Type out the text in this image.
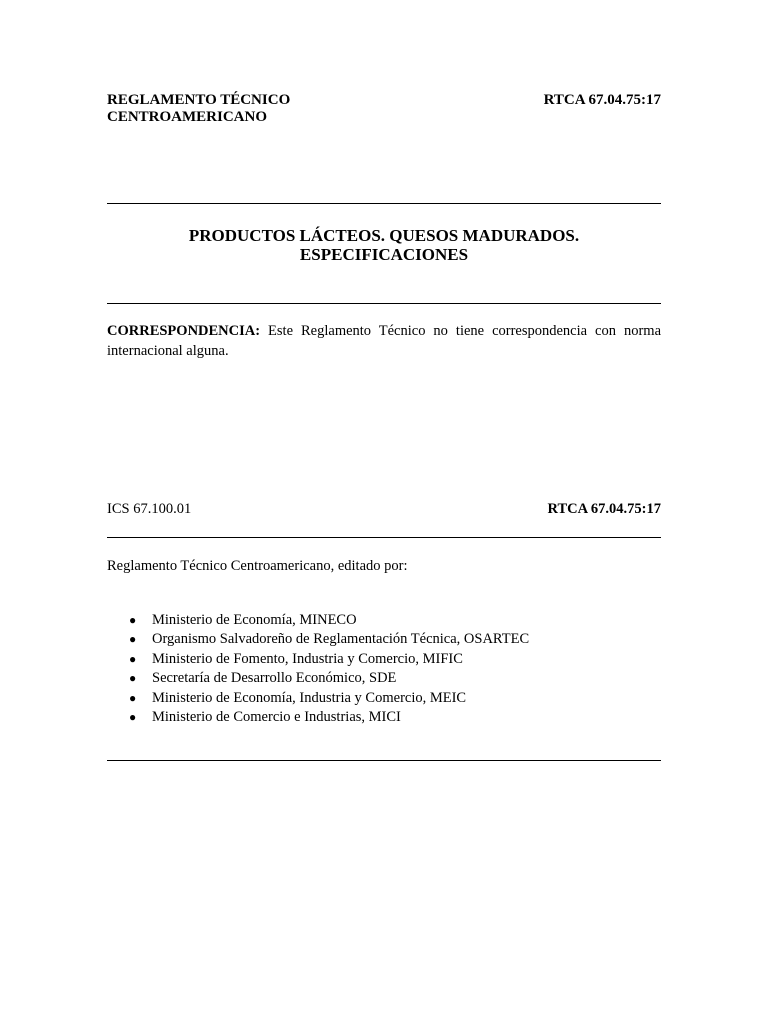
REGLAMENTO TÉCNICO
CENTROAMERICANO
RTCA 67.04.75:17
PRODUCTOS LÁCTEOS. QUESOS MADURADOS.
ESPECIFICACIONES
CORRESPONDENCIA: Este Reglamento Técnico no tiene correspondencia con norma internacional alguna.
ICS 67.100.01	RTCA 67.04.75:17
Reglamento Técnico Centroamericano, editado por:
● Ministerio de Economía, MINECO
● Organismo Salvadoreño de Reglamentación Técnica, OSARTEC
● Ministerio de Fomento, Industria y Comercio, MIFIC
● Secretaría de Desarrollo Económico, SDE
● Ministerio de Economía, Industria y Comercio, MEIC
● Ministerio de Comercio e Industrias, MICI
